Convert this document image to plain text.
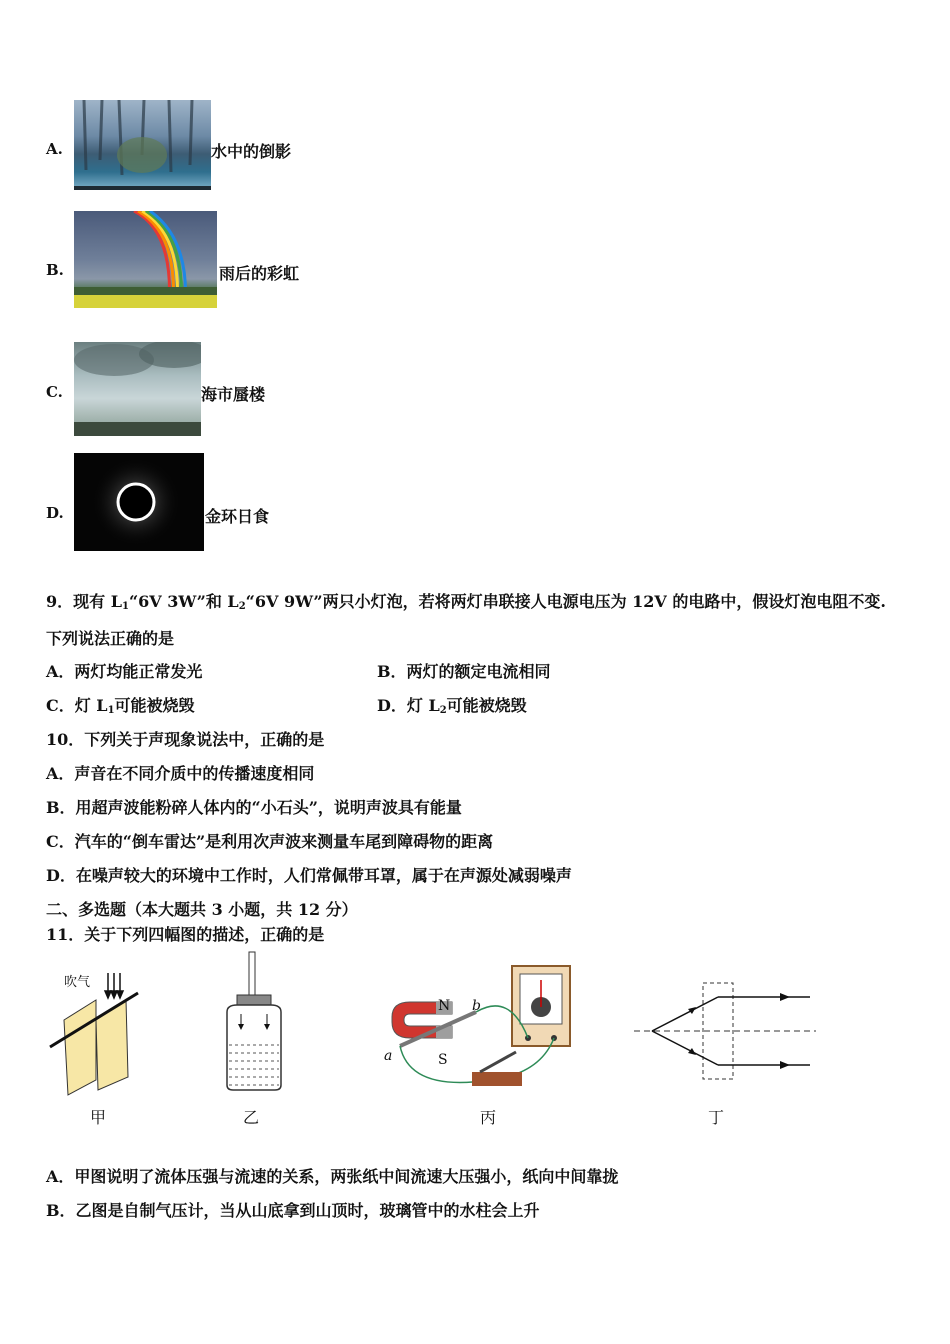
A.	水中的倒影
B.	雨后的彩虹
C.	海市蜃楼
D.	金环日食
9．现有 $L_1“6V$ 3W”和 $L_2“6V$ 9W”两只小灯泡，若将两灯串联接人电源电压为 12V 的电路中，假设灯泡电阻不变.
下列说法正确的是
A．两灯均能正常发光	B．两灯的额定电流相同
C．灯 $L_1$可能被烧毁	D．灯 $L_2$可能被烧毁
10．下列关于声现象说法中，正确的是
A．声音在不同介质中的传播速度相同
B．用超声波能粉碎人体内的“小石头”，说明声波具有能量
C．汽车的“倒车雷达”是利用次声波来测量车尾到障碍物的距离
D．在噪声较大的环境中工作时，人们常佩带耳罩，属于在声源处减弱噪声
二、多选题（本大题共 3 小题，共 12 分）
11．关于下列四幅图的描述，正确的是
吹气
甲	乙
N
S
a
b
丙	丁
A．甲图说明了流体压强与流速的关系，两张纸中间流速大压强小，纸向中间靠拢
B．乙图是自制气压计，当从山底拿到山顶时，玻璃管中的水柱会上升
